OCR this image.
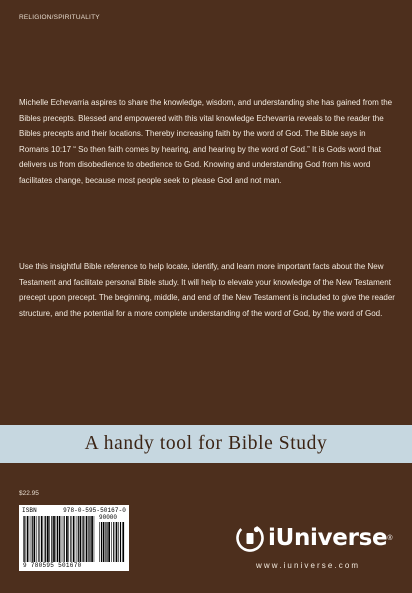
RELIGION/SPIRITUALITY

Michelle Echevarria aspires to share the knowledge, wisdom, and understanding she has gained from the Bibles precepts. Blessed and empowered with this vital knowledge Echevarria reveals to the reader the Bibles precepts and their locations. Thereby increasing faith by the word of God. The Bible says in Romans 10:17 “ So then faith comes by hearing, and hearing by the word of God.” It is Gods word that delivers us from disobedience to obedience to God. Knowing and understanding God from his word facilitates change, because most people seek to please God and not man.

Use this insightful Bible reference to help locate, identify, and learn more important facts about the New Testament and facilitate personal Bible study. It will help to elevate your knowledge of the New Testament precept upon precept. The beginning, middle, and end of the New Testament is included to give the reader structure, and the potential for a more complete understanding of the word of God, by the word of God.

A handy tool for Bible Study
$22.95
ISBN	978-0-595-50167-0
90000
9 780595 501670
iUniverse ®
www.iuniverse.com
